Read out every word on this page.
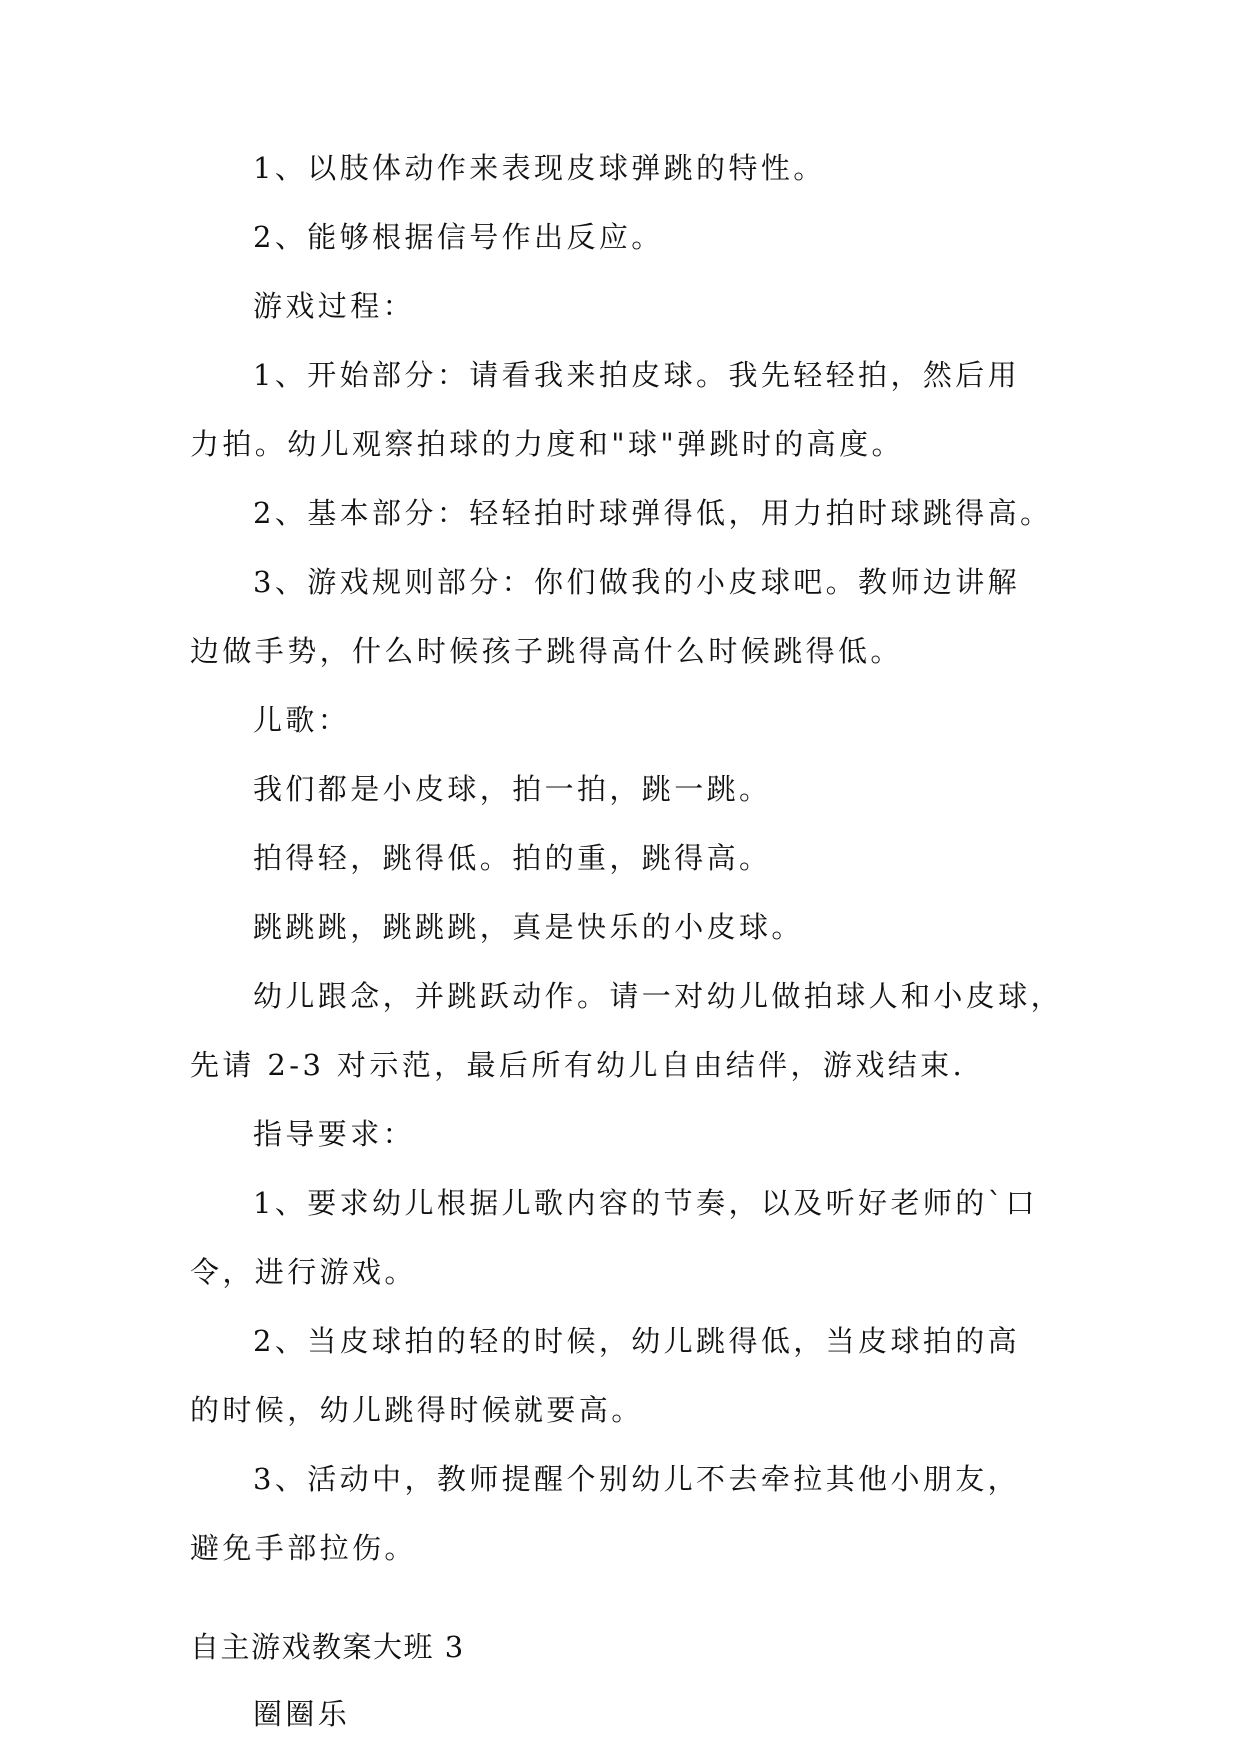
1、以肢体动作来表现皮球弹跳的特性。
2、能够根据信号作出反应。
游戏过程：
1、开始部分：请看我来拍皮球。我先轻轻拍，然后用
力拍。幼儿观察拍球的力度和"球"弹跳时的高度。
2、基本部分：轻轻拍时球弹得低，用力拍时球跳得高。
3、游戏规则部分：你们做我的小皮球吧。教师边讲解
边做手势，什么时候孩子跳得高什么时候跳得低。
儿歌：
我们都是小皮球，拍一拍，跳一跳。
拍得轻，跳得低。拍的重，跳得高。
跳跳跳，跳跳跳，真是快乐的小皮球。
幼儿跟念，并跳跃动作。请一对幼儿做拍球人和小皮球，
先请 2-3 对示范，最后所有幼儿自由结伴，游戏结束.
指导要求：
1、要求幼儿根据儿歌内容的节奏，以及听好老师的`口
令，进行游戏。
2、当皮球拍的轻的时候，幼儿跳得低，当皮球拍的高
的时候，幼儿跳得时候就要高。
3、活动中，教师提醒个别幼儿不去牵拉其他小朋友，
避免手部拉伤。
自主游戏教案大班 3
圈圈乐
